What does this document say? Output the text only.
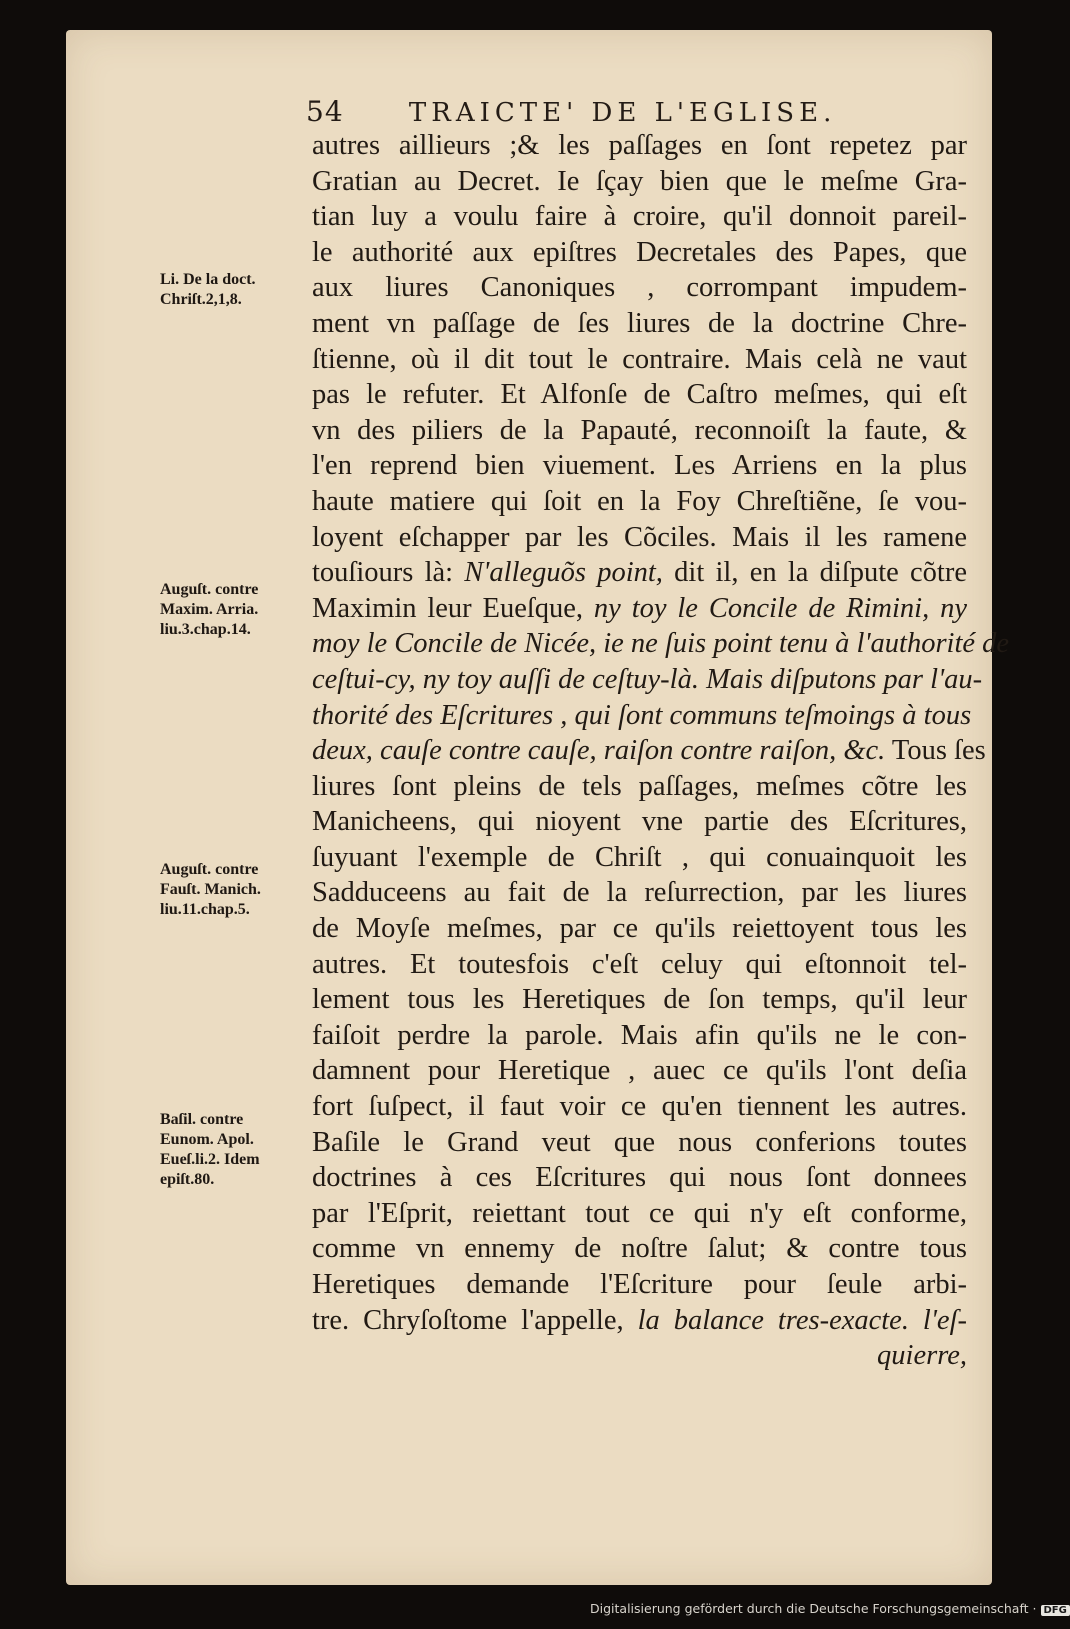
54	TRAICTE' DE L'EGLISE.
autres aillieurs ;& les paſſages en ſont repetez par
Gratian au Decret. Ie ſçay bien que le meſme Gra-
tian luy a voulu faire à croire, qu'il donnoit pareil-
le authorité aux epiſtres Decretales des Papes, que
aux liures Canoniques , corrompant impudem-
ment vn paſſage de ſes liures de la doctrine Chre-
ſtienne, où il dit tout le contraire. Mais celà ne vaut
pas le refuter. Et Alfonſe de Caſtro meſmes, qui eſt
vn des piliers de la Papauté, reconnoiſt la faute, &
l'en reprend bien viuement. Les Arriens en la plus
haute matiere qui ſoit en la Foy Chreſtiẽne, ſe vou-
loyent eſchapper par les Cõciles. Mais il les ramene
touſiours là: N'alleguõs point, dit il, en la diſpute cõtre
Maximin leur Eueſque, ny toy le Concile de Rimini, ny
moy le Concile de Nicée, ie ne ſuis point tenu à l'authorité de
ceſtui-cy, ny toy auſſi de ceſtuy-là. Mais diſputons par l'au-
thorité des Eſcritures , qui ſont communs teſmoings à tous
deux, cauſe contre cauſe, raiſon contre raiſon, &c. Tous ſes
liures ſont pleins de tels paſſages, meſmes cõtre les
Manicheens, qui nioyent vne partie des Eſcritures,
ſuyuant l'exemple de Chriſt , qui conuainquoit les
Sadduceens au fait de la reſurrection, par les liures
de Moyſe meſmes, par ce qu'ils reiettoyent tous les
autres. Et toutesfois c'eſt celuy qui eſtonnoit tel-
lement tous les Heretiques de ſon temps, qu'il leur
faiſoit perdre la parole. Mais afin qu'ils ne le con-
damnent pour Heretique , auec ce qu'ils l'ont deſia
fort ſuſpect, il faut voir ce qu'en tiennent les autres.
Baſile le Grand veut que nous conferions toutes
doctrines à ces Eſcritures qui nous ſont donnees
par l'Eſprit, reiettant tout ce qui n'y eſt conforme,
comme vn ennemy de noſtre ſalut; & contre tous
Heretiques demande l'Eſcriture pour ſeule arbi-
tre. Chryſoſtome l'appelle, la balance tres-exacte. l'eſ-
quierre,
Li. De la doct.
Chriſt.2,1,8.
Auguſt. contre
Maxim. Arria.
liu.3.chap.14.
Auguſt. contre
Fauſt. Manich.
liu.11.chap.5.
Baſil. contre
Eunom. Apol.
Eueſ.li.2. Idem
epiſt.80.
Digitalisierung gefördert durch die Deutsche Forschungsgemeinschaft · DFG
